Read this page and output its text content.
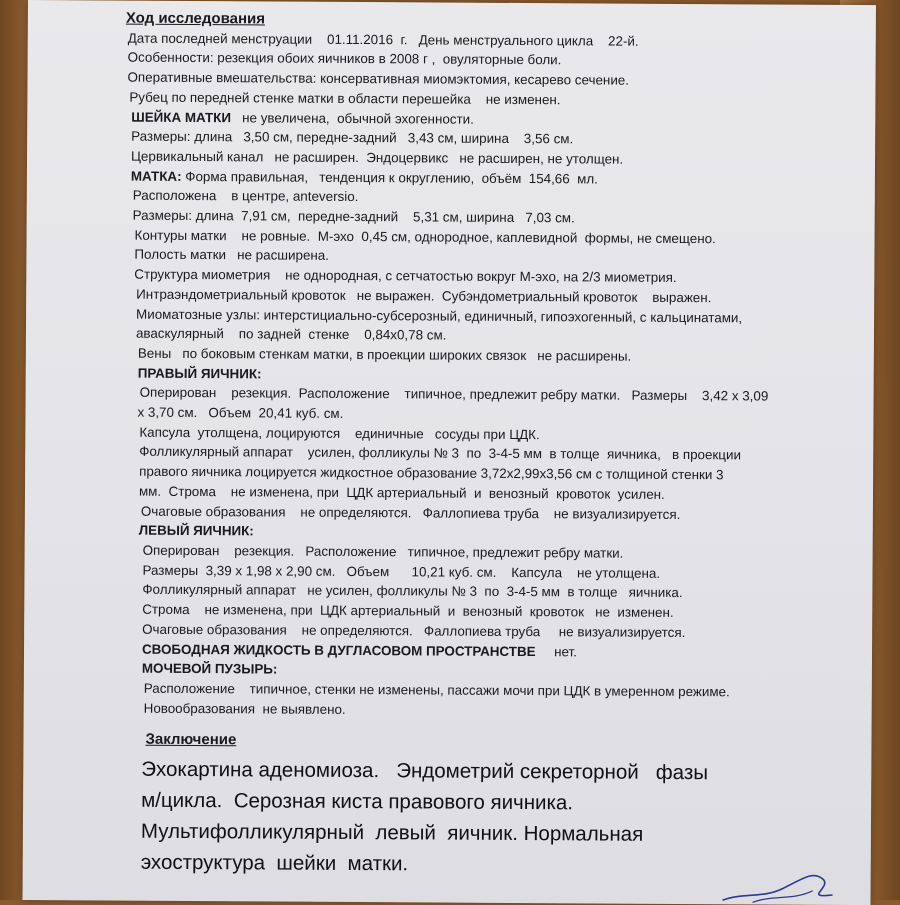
Ход исследования
Дата последней менструации    01.11.2016  г.   День менструального цикла    22-й.
Особенности: резекция обоих яичников в 2008 г ,  овуляторные боли.
Оперативные вмешательства: консервативная миомэктомия, кесарево сечение.
Рубец по передней стенке матки в области перешейка    не изменен.
ШЕЙКА МАТКИ   не увеличена,  обычной эхогенности.
Размеры: длина   3,50 см, передне-задний   3,43 см, ширина    3,56 см.
Цервикальный канал   не расширен.  Эндоцервикс   не расширен, не утолщен.
МАТКА: Форма правильная,   тенденция к округлению,  объём  154,66  мл.
Расположена    в центре, anteversio.
Размеры: длина  7,91 см,  передне-задний    5,31 см, ширина   7,03 см.
Контуры матки    не ровные.  М-эхо  0,45 см, однородное, каплевидной  формы, не смещено.
Полость матки   не расширена.
Структура миометрия    не однородная, с сетчатостью вокруг М-эхо, на 2/3 миометрия.
Интраэндометриальный кровоток   не выражен.  Субэндометриальный кровоток    выражен.
Миоматозные узлы: интерстициально-субсерозный, единичный, гипоэхогенный, с кальцинатами,
аваскулярный    по задней  стенке    0,84х0,78 см.
Вены   по боковым стенкам матки, в проекции широких связок   не расширены.
ПРАВЫЙ ЯИЧНИК:
Оперирован    резекция.  Расположение    типичное, предлежит ребру матки.   Размеры    3,42 х 3,09
х 3,70 см.   Объем  20,41 куб. см.
Капсула  утолщена, лоцируются    единичные   сосуды при ЦДК.
Фолликулярный аппарат    усилен, фолликулы № 3  по  3-4-5 мм  в толще  яичника,   в проекции
правого яичника лоцируется жидкостное образование 3,72х2,99х3,56 см с толщиной стенки 3
мм.  Строма    не изменена, при  ЦДК артериальный  и  венозный  кровоток  усилен.
Очаговые образования    не определяются.   Фаллопиева труба    не визуализируется.
ЛЕВЫЙ ЯИЧНИК:
Оперирован    резекция.   Расположение   типичное, предлежит ребру матки.
Размеры  3,39 х 1,98 х 2,90 см.   Объем      10,21 куб. см.    Капсула    не утолщена.
Фолликулярный аппарат   не усилен, фолликулы № 3  по  3-4-5 мм  в толще   яичника.
Строма    не изменена, при  ЦДК артериальный  и  венозный  кровоток   не  изменен.
Очаговые образования    не определяются.   Фаллопиева труба     не визуализируется.
СВОБОДНАЯ ЖИДКОСТЬ В ДУГЛАСОВОМ ПРОСТРАНСТВЕ     нет.
МОЧЕВОЙ ПУЗЫРЬ:
Расположение    типичное, стенки не изменены, пассажи мочи при ЦДК в умеренном режиме.
Новообразования  не выявлено.
Заключение
Эхокартина аденомиоза.   Эндометрий секреторной   фазы
м/цикла.  Серозная киста правового яичника.
Мультифолликулярный  левый  яичник. Нормальная
эхоструктура  шейки  матки.
